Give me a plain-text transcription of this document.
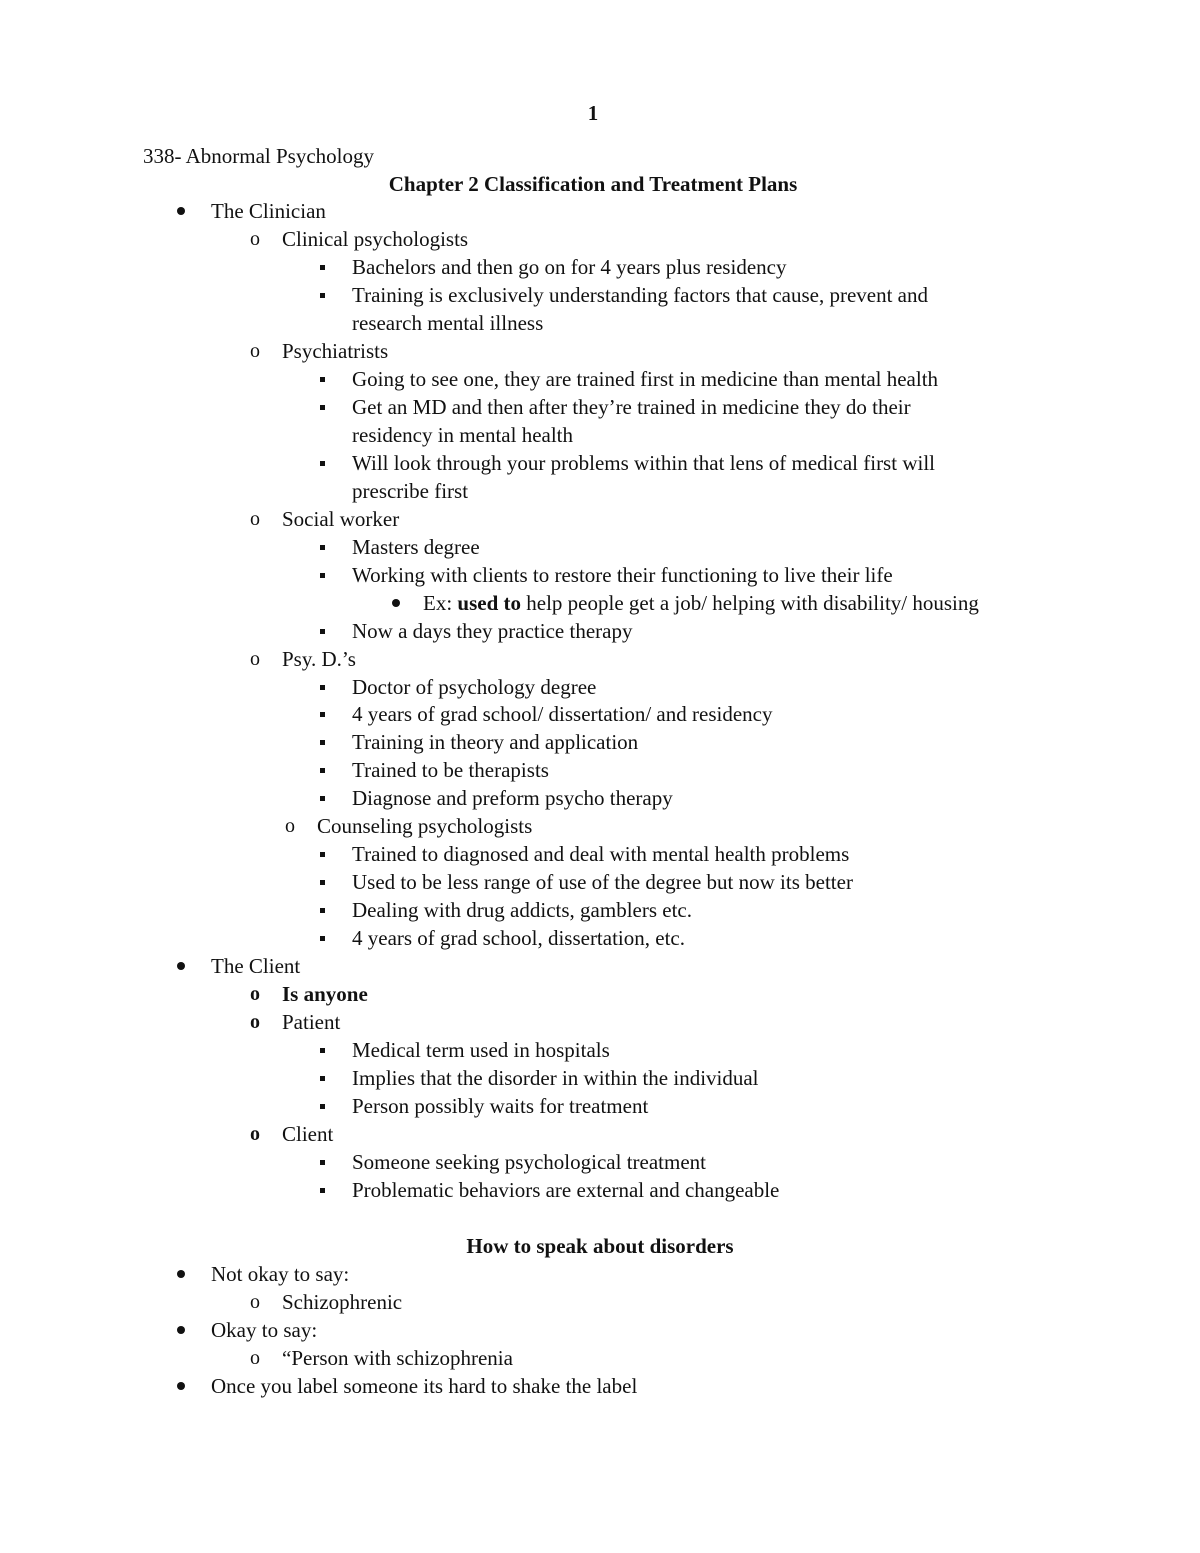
1
338- Abnormal Psychology
Chapter 2 Classification and Treatment Plans
The Clinician
o Clinical psychologists
Bachelors and then go on for 4 years plus residency
Training is exclusively understanding factors that cause, prevent and
research mental illness
o Psychiatrists
Going to see one, they are trained first in medicine than mental health
Get an MD and then after they’re trained in medicine they do their
residency in mental health
Will look through your problems within that lens of medical first will
prescribe first
o Social worker
Masters degree
Working with clients to restore their functioning to live their life
Ex: used to help people get a job/ helping with disability/ housing
Now a days they practice therapy
o Psy. D.’s
Doctor of psychology degree
4 years of grad school/ dissertation/ and residency
Training in theory and application
Trained to be therapists
Diagnose and preform psycho therapy
o Counseling psychologists
Trained to diagnosed and deal with mental health problems
Used to be less range of use of the degree but now its better
Dealing with drug addicts, gamblers etc.
4 years of grad school, dissertation, etc.
The Client
o Is anyone
o Patient
Medical term used in hospitals
Implies that the disorder in within the individual
Person possibly waits for treatment
o Client
Someone seeking psychological treatment
Problematic behaviors are external and changeable
How to speak about disorders
Not okay to say:
o Schizophrenic
Okay to say:
o “Person with schizophrenia
Once you label someone its hard to shake the label
